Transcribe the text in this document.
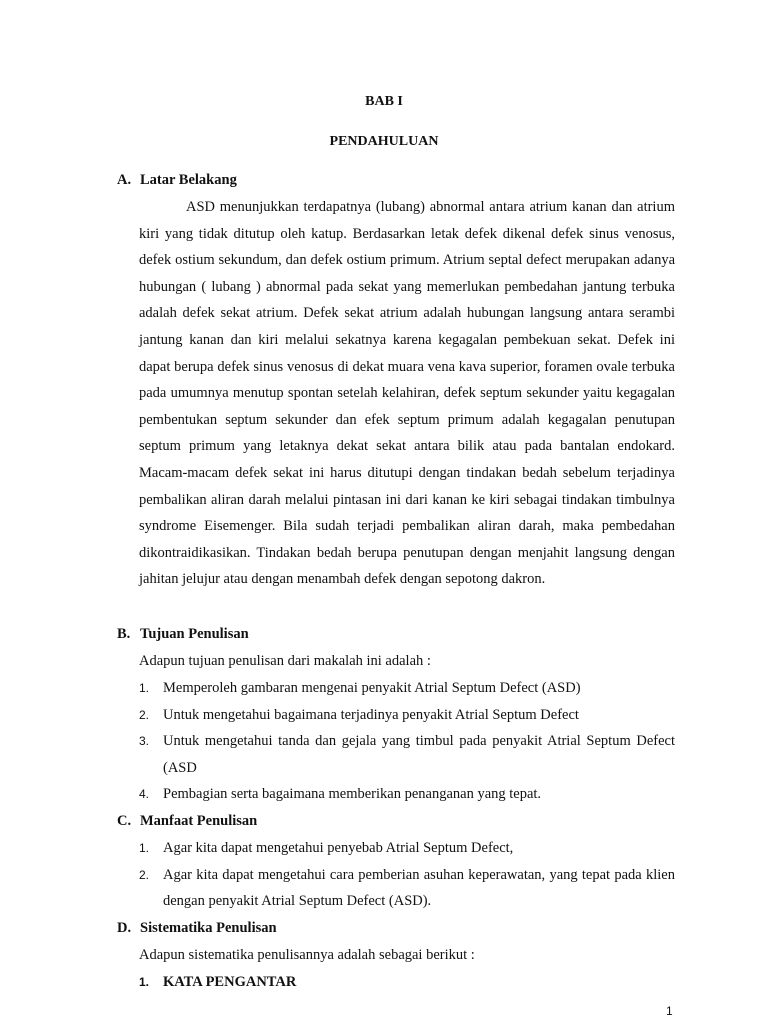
BAB I
PENDAHULUAN
A. Latar Belakang
ASD menunjukkan terdapatnya (lubang) abnormal antara atrium kanan dan atrium kiri yang tidak ditutup oleh katup. Berdasarkan letak defek dikenal defek sinus venosus, defek ostium sekundum, dan defek ostium primum. Atrium septal defect merupakan adanya hubungan ( lubang ) abnormal pada sekat yang memerlukan pembedahan jantung terbuka adalah defek sekat atrium. Defek sekat atrium adalah hubungan langsung antara serambi jantung kanan dan kiri melalui sekatnya karena kegagalan pembekuan sekat. Defek ini dapat berupa defek sinus venosus di dekat muara vena kava superior, foramen ovale terbuka pada umumnya menutup spontan setelah kelahiran, defek septum sekunder yaitu kegagalan pembentukan septum sekunder dan efek septum primum adalah kegagalan penutupan septum primum yang letaknya dekat sekat antara bilik atau pada bantalan endokard. Macam-macam defek sekat ini harus ditutupi dengan tindakan bedah sebelum terjadinya pembalikan aliran darah melalui pintasan ini dari kanan ke kiri sebagai tindakan timbulnya syndrome Eisemenger. Bila sudah terjadi pembalikan aliran darah, maka pembedahan dikontraidikasikan. Tindakan bedah berupa penutupan dengan menjahit langsung dengan jahitan jelujur atau dengan menambah defek dengan sepotong dakron.
B. Tujuan Penulisan
Adapun tujuan penulisan dari makalah ini adalah :
1. Memperoleh gambaran mengenai penyakit Atrial Septum Defect (ASD)
2. Untuk mengetahui bagaimana terjadinya penyakit Atrial Septum Defect
3. Untuk mengetahui tanda dan gejala yang timbul pada penyakit Atrial Septum Defect (ASD
4. Pembagian serta bagaimana memberikan penanganan yang tepat.
C. Manfaat Penulisan
1. Agar kita dapat mengetahui penyebab Atrial Septum Defect,
2. Agar kita dapat mengetahui cara pemberian asuhan keperawatan, yang tepat pada klien dengan penyakit Atrial Septum Defect (ASD).
D. Sistematika Penulisan
Adapun sistematika penulisannya adalah sebagai berikut :
1. KATA PENGANTAR
1
